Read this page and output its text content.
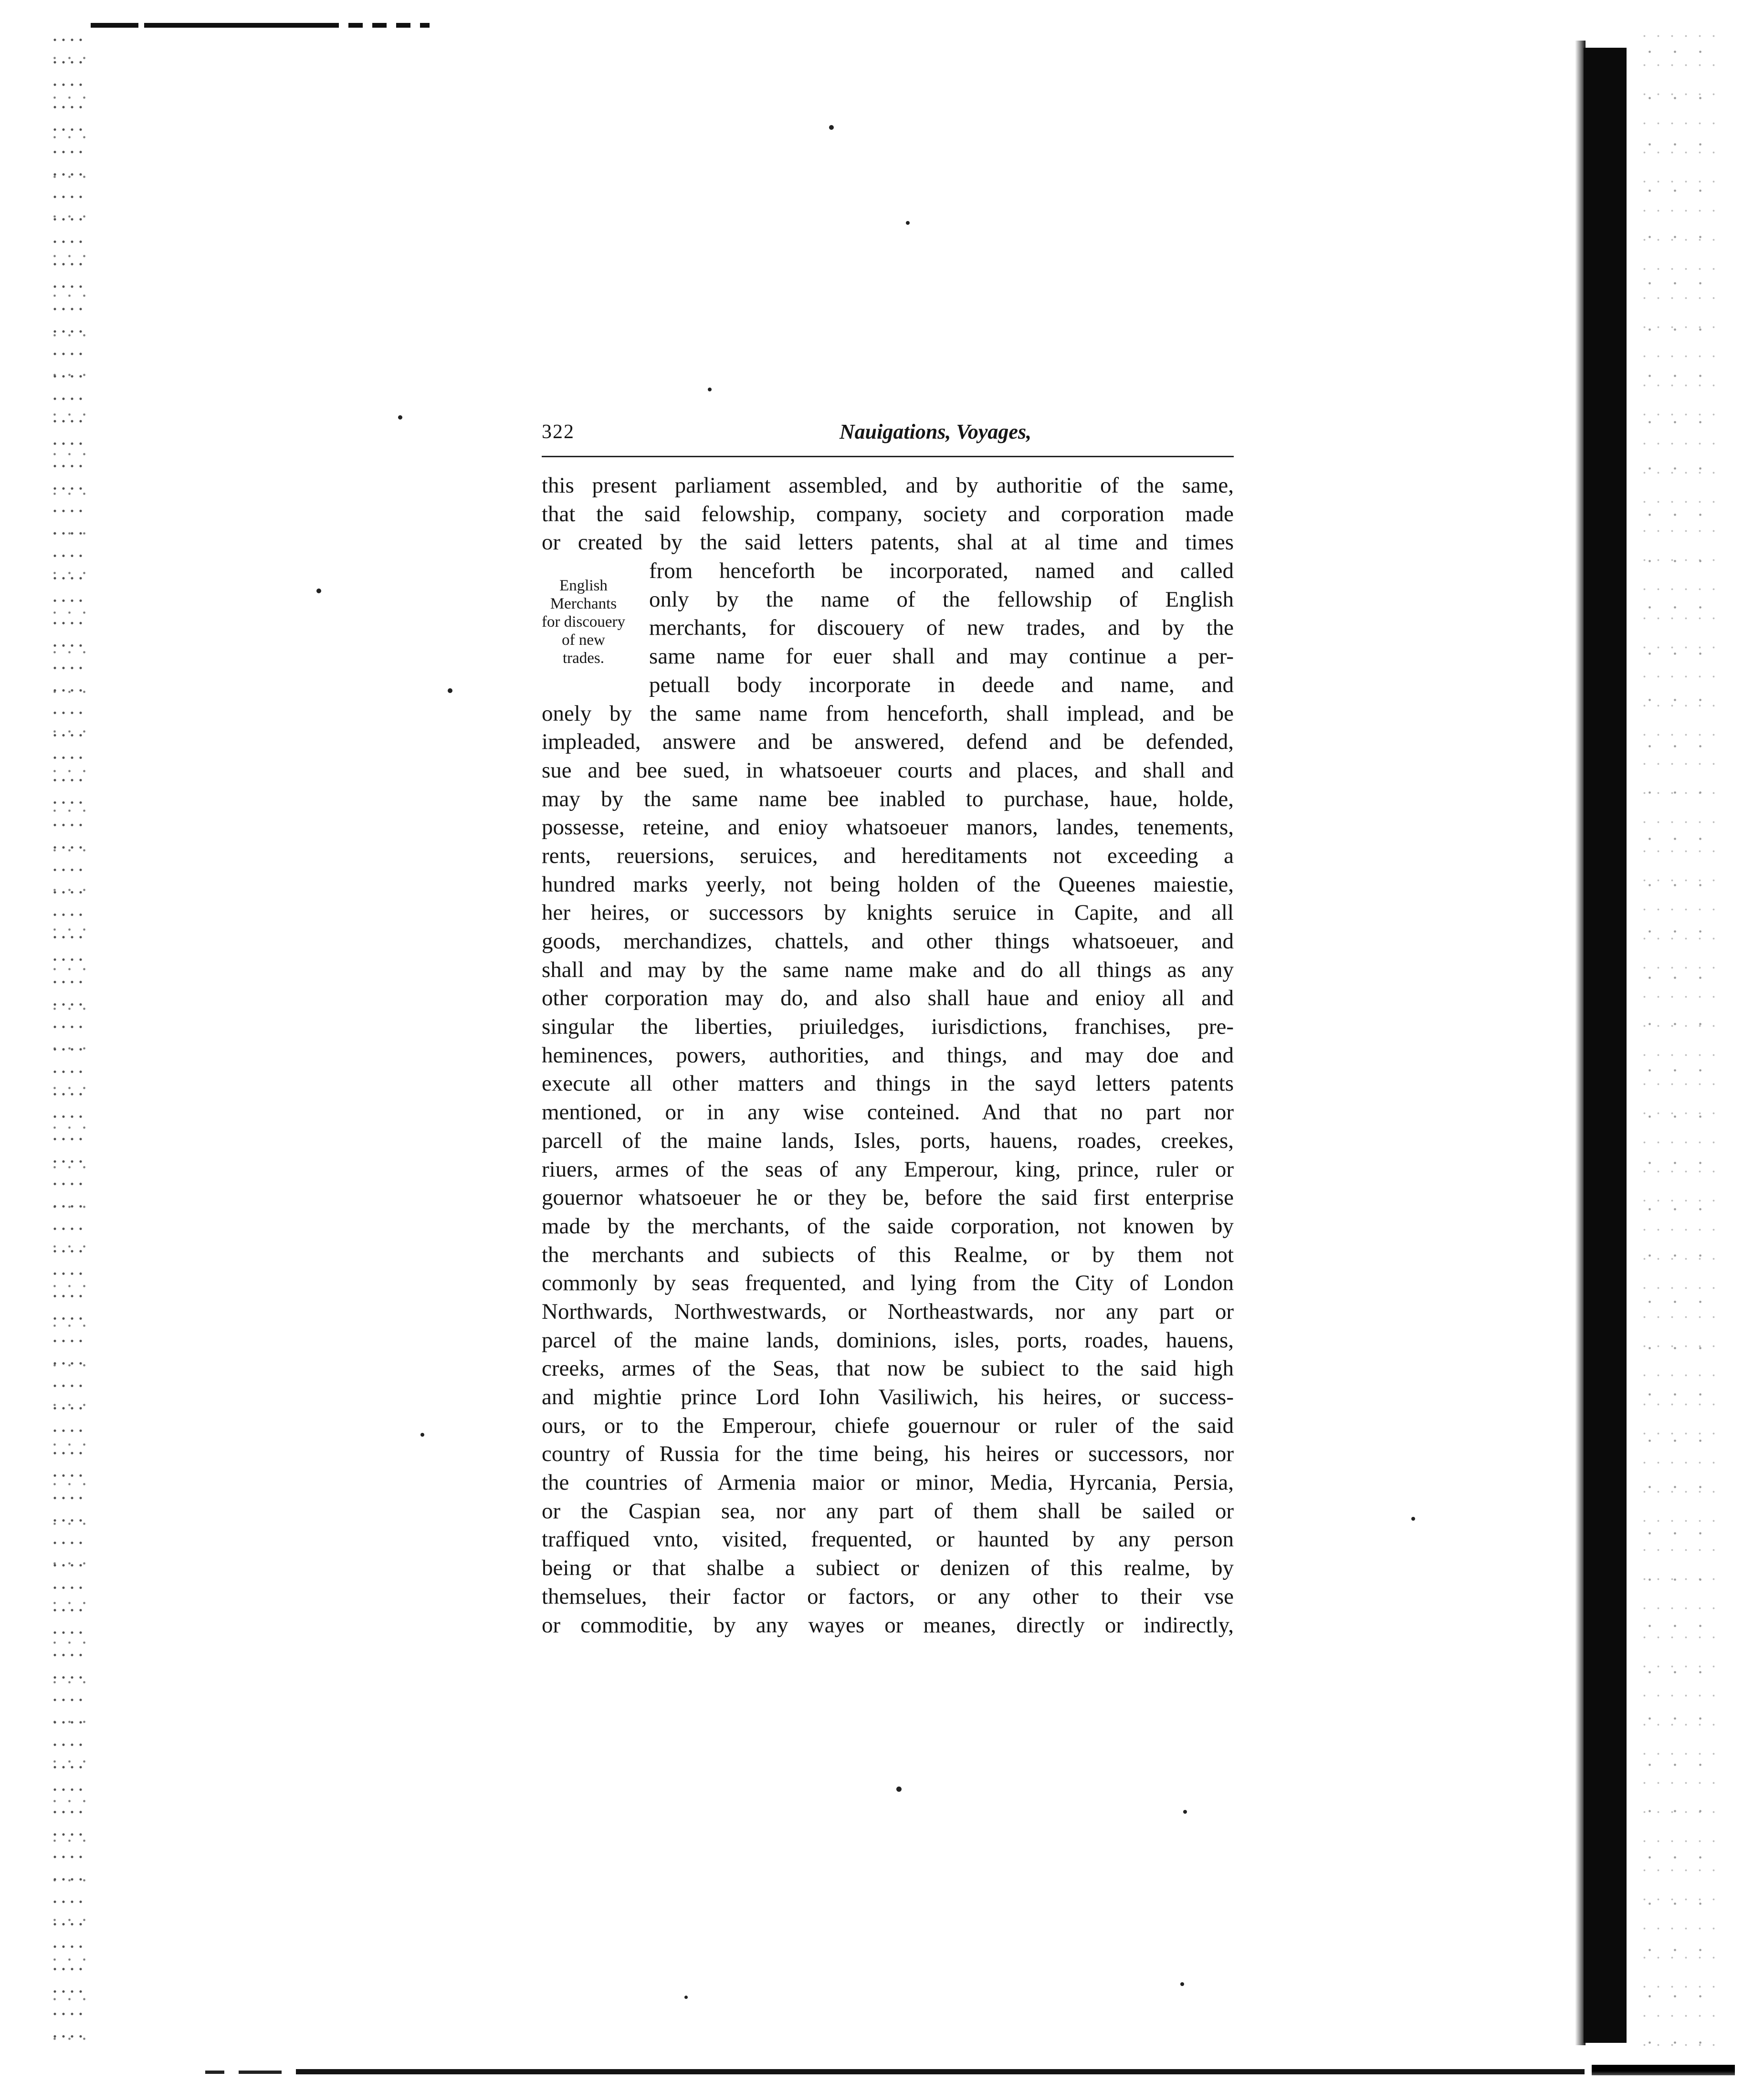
322	Nauigations, Voyages,
English
Merchants
for discouery
of new
trades.
this present parliament assembled, and by authoritie of the same,
that the said felowship, company, society and corporation made
or created by the said letters patents, shal at al time and times
from henceforth be incorporated, named and called
only by the name of the fellowship of English
merchants, for discouery of new trades, and by the
same name for euer shall and may continue a per-
petuall body incorporate in deede and name, and
onely by the same name from henceforth, shall implead, and be
impleaded, answere and be answered, defend and be defended,
sue and bee sued, in whatsoeuer courts and places, and shall and
may by the same name bee inabled to purchase, haue, holde,
possesse, reteine, and enioy whatsoeuer manors, landes, tenements,
rents, reuersions, seruices, and hereditaments not exceeding a
hundred marks yeerly, not being holden of the Queenes maiestie,
her heires, or successors by knights seruice in Capite, and all
goods, merchandizes, chattels, and other things whatsoeuer, and
shall and may by the same name make and do all things as any
other corporation may do, and also shall haue and enioy all and
singular the liberties, priuiledges, iurisdictions, franchises, pre-
heminences, powers, authorities, and things, and may doe and
execute all other matters and things in the sayd letters patents
mentioned, or in any wise conteined. And that no part nor
parcell of the maine lands, Isles, ports, hauens, roades, creekes,
riuers, armes of the seas of any Emperour, king, prince, ruler or
gouernor whatsoeuer he or they be, before the said first enterprise
made by the merchants, of the saide corporation, not knowen by
the merchants and subiects of this Realme, or by them not
commonly by seas frequented, and lying from the City of London
Northwards, Northwestwards, or Northeastwards, nor any part or
parcel of the maine lands, dominions, isles, ports, roades, hauens,
creeks, armes of the Seas, that now be subiect to the said high
and mightie prince Lord Iohn Vasiliwich, his heires, or success-
ours, or to the Emperour, chiefe gouernour or ruler of the said
country of Russia for the time being, his heires or successors, nor
the countries of Armenia maior or minor, Media, Hyrcania, Persia,
or the Caspian sea, nor any part of them shall be sailed or
traffiqued vnto, visited, frequented, or haunted by any person
being or that shalbe a subiect or denizen of this realme, by
themselues, their factor or factors, or any other to their vse
or commoditie, by any wayes or meanes, directly or indirectly,
